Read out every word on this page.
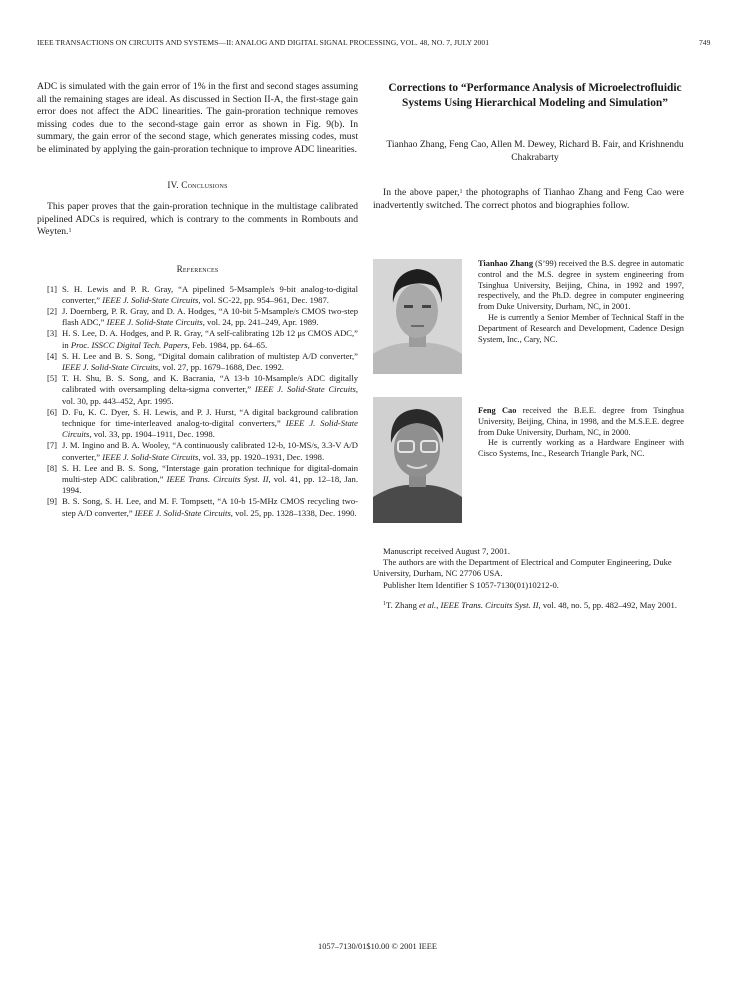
IEEE TRANSACTIONS ON CIRCUITS AND SYSTEMS—II: ANALOG AND DIGITAL SIGNAL PROCESSING, VOL. 48, NO. 7, JULY 2001	749

ADC is simulated with the gain error of 1% in the first and second stages assuming all the remaining stages are ideal. As discussed in Section II-A, the first-stage gain error does not affect the ADC linearities. The gain-proration technique removes missing codes due to the second-stage gain error as shown in Fig. 9(b). In summary, the gain error of the second stage, which generates missing codes, must be eliminated by applying the gain-proration technique to improve ADC linearities.

IV. Conclusions

This paper proves that the gain-proration technique in the multistage calibrated pipelined ADCs is required, which is contrary to the comments in Rombouts and Weyten.$^1$

References
[1] S. H. Lewis and P. R. Gray, “A pipelined 5-Msample/s 9-bit analog-to-digital converter,” IEEE J. Solid-State Circuits, vol. SC-22, pp. 954–961, Dec. 1987.
[2] J. Doernberg, P. R. Gray, and D. A. Hodges, “A 10-bit 5-Msample/s CMOS two-step flash ADC,” IEEE J. Solid-State Circuits, vol. 24, pp. 241–249, Apr. 1989.
[3] H. S. Lee, D. A. Hodges, and P. R. Gray, “A self-calibrating 12b 12 μs CMOS ADC,” in Proc. ISSCC Digital Tech. Papers, Feb. 1984, pp. 64–65.
[4] S. H. Lee and B. S. Song, “Digital domain calibration of multistep A/D converter,” IEEE J. Solid-State Circuits, vol. 27, pp. 1679–1688, Dec. 1992.
[5] T. H. Shu, B. S. Song, and K. Bacrania, “A 13-b 10-Msample/s ADC digitally calibrated with oversampling delta-sigma converter,” IEEE J. Solid-State Circuits, vol. 30, pp. 443–452, Apr. 1995.
[6] D. Fu, K. C. Dyer, S. H. Lewis, and P. J. Hurst, “A digital background calibration technique for time-interleaved analog-to-digital converters,” IEEE J. Solid-State Circuits, vol. 33, pp. 1904–1911, Dec. 1998.
[7] J. M. Ingino and B. A. Wooley, “A continuously calibrated 12-b, 10-MS/s, 3.3-V A/D converter,” IEEE J. Solid-State Circuits, vol. 33, pp. 1920–1931, Dec. 1998.
[8] S. H. Lee and B. S. Song, “Interstage gain proration technique for digital-domain multi-step ADC calibration,” IEEE Trans. Circuits Syst. II, vol. 41, pp. 12–18, Jan. 1994.
[9] B. S. Song, S. H. Lee, and M. F. Tompsett, “A 10-b 15-MHz CMOS recycling two-step A/D converter,” IEEE J. Solid-State Circuits, vol. 25, pp. 1328–1338, Dec. 1990.
Corrections to “Performance Analysis of Microelectrofluidic Systems Using Hierarchical Modeling and Simulation”
Tianhao Zhang, Feng Cao, Allen M. Dewey, Richard B. Fair, and Krishnendu Chakrabarty

In the above paper,$^1$ the photographs of Tianhao Zhang and Feng Cao were inadvertently switched. The correct photos and biographies follow.

Tianhao Zhang (S’99) received the B.S. degree in automatic control and the M.S. degree in system engineering from Tsinghua University, Beijing, China, in 1992 and 1997, respectively, and the Ph.D. degree in computer engineering from Duke University, Durham, NC, in 2001.

He is currently a Senior Member of Technical Staff in the Department of Research and Development, Cadence Design System, Inc., Cary, NC.

Feng Cao received the B.E.E. degree from Tsinghua University, Beijing, China, in 1998, and the M.S.E.E. degree from Duke University, Durham, NC, in 2000.

He is currently working as a Hardware Engineer with Cisco Systems, Inc., Research Triangle Park, NC.

Manuscript received August 7, 2001.

The authors are with the Department of Electrical and Computer Engineering, Duke University, Durham, NC 27706 USA.

Publisher Item Identifier S 1057-7130(01)10212-0.

$^1$T. Zhang et al., IEEE Trans. Circuits Syst. II, vol. 48, no. 5, pp. 482–492, May 2001.

1057–7130/01$10.00 © 2001 IEEE
